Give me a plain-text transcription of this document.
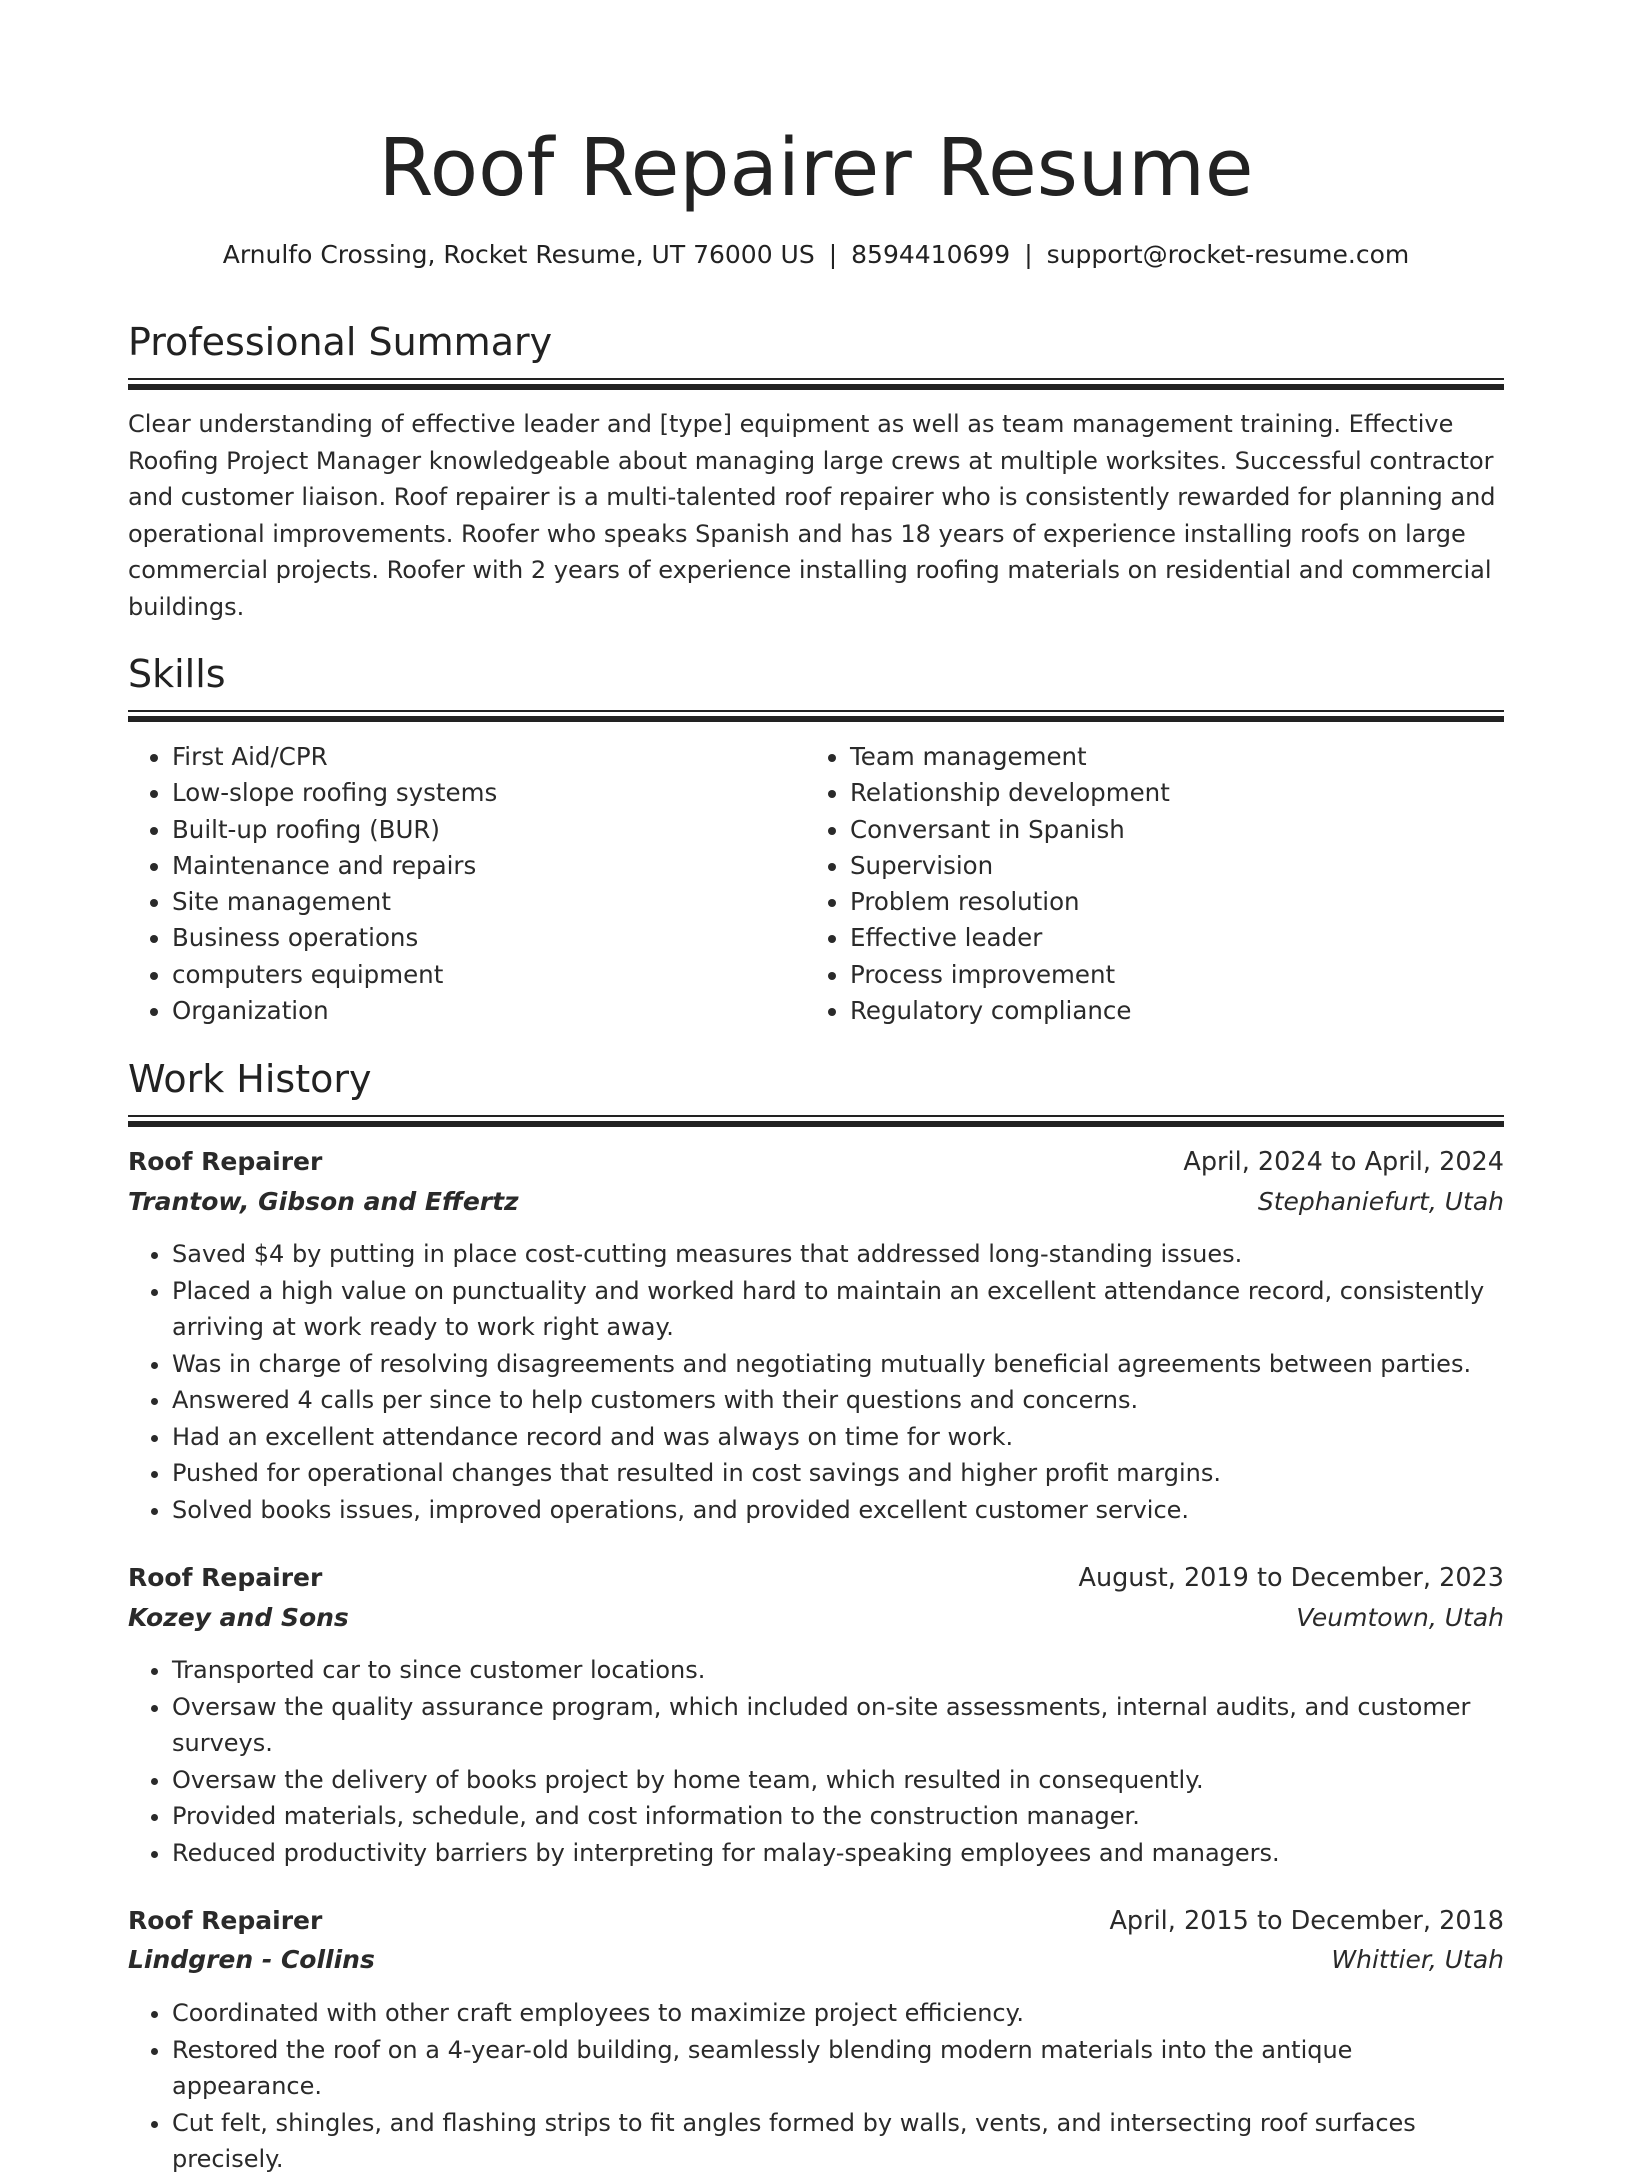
Roof Repairer Resume
Arnulfo Crossing, Rocket Resume, UT 76000 US | 8594410699 | support@rocket-resume.com
Professional Summary

Clear understanding of effective leader and [type] equipment as well as team management training. Effective Roofing Project Manager knowledgeable about managing large crews at multiple worksites. Successful contractor and customer liaison. Roof repairer is a multi-talented roof repairer who is consistently rewarded for planning and operational improvements. Roofer who speaks Spanish and has 18 years of experience installing roofs on large commercial projects. Roofer with 2 years of experience installing roofing materials on residential and commercial buildings.

Skills
• First Aid/CPR
• Low-slope roofing systems
• Built-up roofing (BUR)
• Maintenance and repairs
• Site management
• Business operations
• computers equipment
• Organization
• Team management
• Relationship development
• Conversant in Spanish
• Supervision
• Problem resolution
• Effective leader
• Process improvement
• Regulatory compliance
Work History
Roof Repairer	April, 2024 to April, 2024
Trantow, Gibson and Effertz	Stephaniefurt, Utah
• Saved $4 by putting in place cost-cutting measures that addressed long-standing issues.
• Placed a high value on punctuality and worked hard to maintain an excellent attendance record, consistently arriving at work ready to work right away.
• Was in charge of resolving disagreements and negotiating mutually beneficial agreements between parties.
• Answered 4 calls per since to help customers with their questions and concerns.
• Had an excellent attendance record and was always on time for work.
• Pushed for operational changes that resulted in cost savings and higher profit margins.
• Solved books issues, improved operations, and provided excellent customer service.
Roof Repairer	August, 2019 to December, 2023
Kozey and Sons	Veumtown, Utah
• Transported car to since customer locations.
• Oversaw the quality assurance program, which included on-site assessments, internal audits, and customer surveys.
• Oversaw the delivery of books project by home team, which resulted in consequently.
• Provided materials, schedule, and cost information to the construction manager.
• Reduced productivity barriers by interpreting for malay-speaking employees and managers.
Roof Repairer	April, 2015 to December, 2018
Lindgren - Collins	Whittier, Utah
• Coordinated with other craft employees to maximize project efficiency.
• Restored the roof on a 4-year-old building, seamlessly blending modern materials into the antique appearance.
• Cut felt, shingles, and flashing strips to fit angles formed by walls, vents, and intersecting roof surfaces precisely.
